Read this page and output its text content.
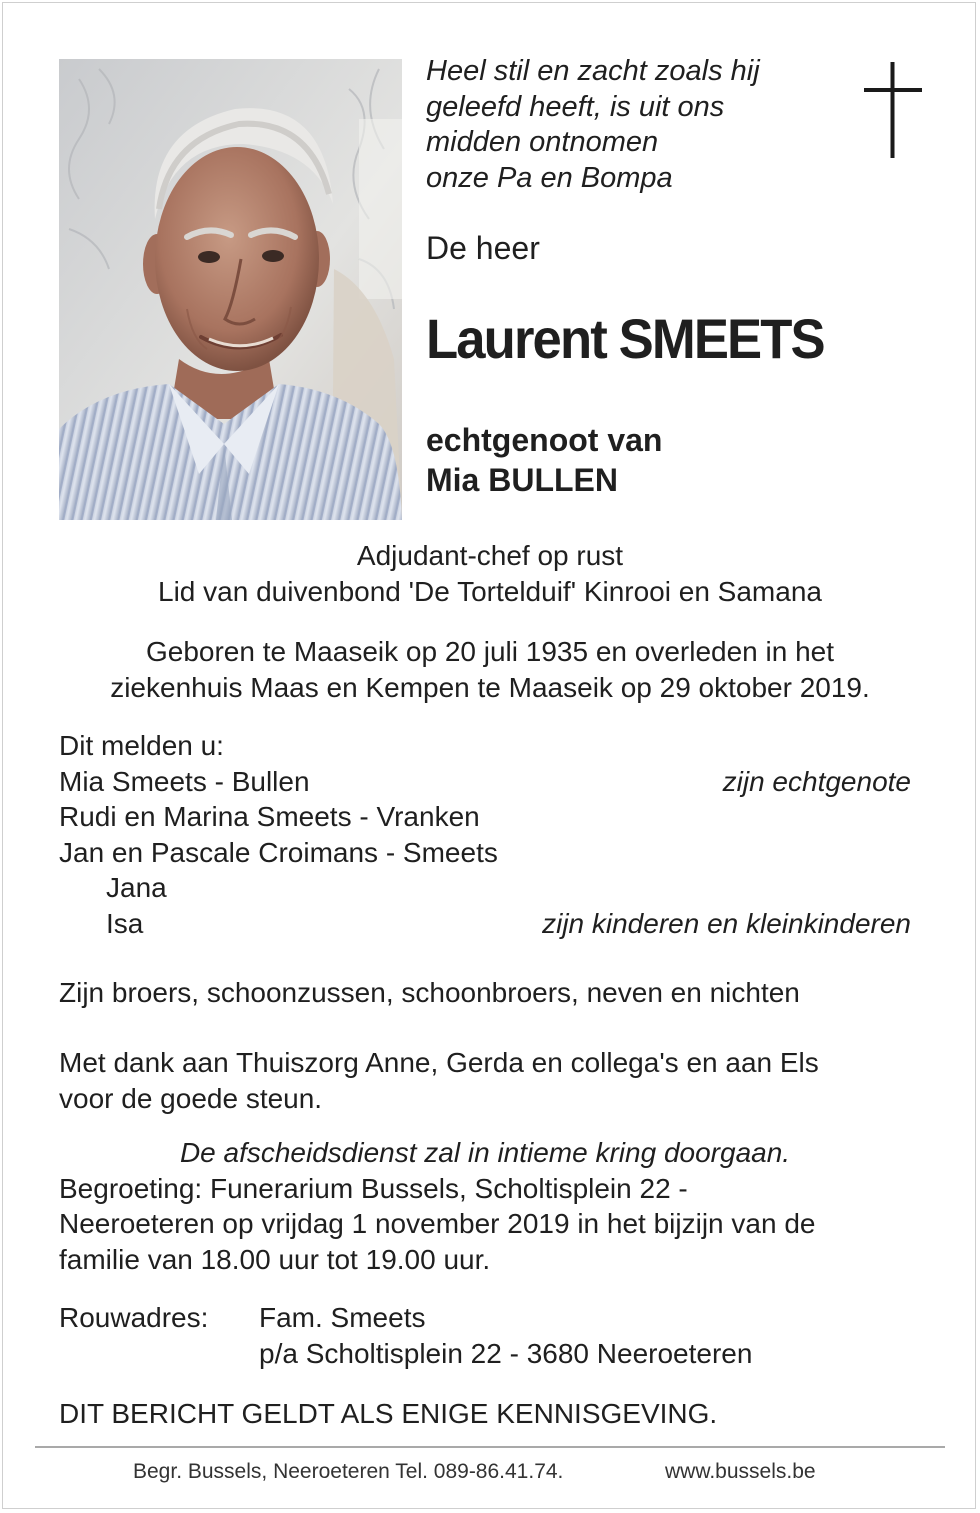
Heel stil en zacht zoals hij
geleefd heeft, is uit ons
midden ontnomen
onze Pa en Bompa
De heer
Laurent SMEETS
echtgenoot van
Mia BULLEN
Adjudant-chef op rust
Lid van duivenbond 'De Tortelduif' Kinrooi en Samana
Geboren te Maaseik op 20 juli 1935 en overleden in het
ziekenhuis Maas en Kempen te Maaseik op 29 oktober 2019.
Dit melden u:
Mia Smeets - Bullen	zijn echtgenote
Rudi en Marina Smeets - Vranken
Jan en Pascale Croimans - Smeets
Jana
Isa	zijn kinderen en kleinkinderen
Zijn broers, schoonzussen, schoonbroers, neven en nichten
Met dank aan Thuiszorg Anne, Gerda en collega's en aan Els
voor de goede steun.
De afscheidsdienst zal in intieme kring doorgaan.
Begroeting: Funerarium Bussels, Scholtisplein 22 -
Neeroeteren op vrijdag 1 november 2019 in het bijzijn van de
familie van 18.00 uur tot 19.00 uur.
Rouwadres: Fam. Smeets
p/a Scholtisplein 22 - 3680 Neeroeteren
DIT BERICHT GELDT ALS ENIGE KENNISGEVING.
Begr. Bussels, Neeroeteren Tel. 089-86.41.74.	www.bussels.be
